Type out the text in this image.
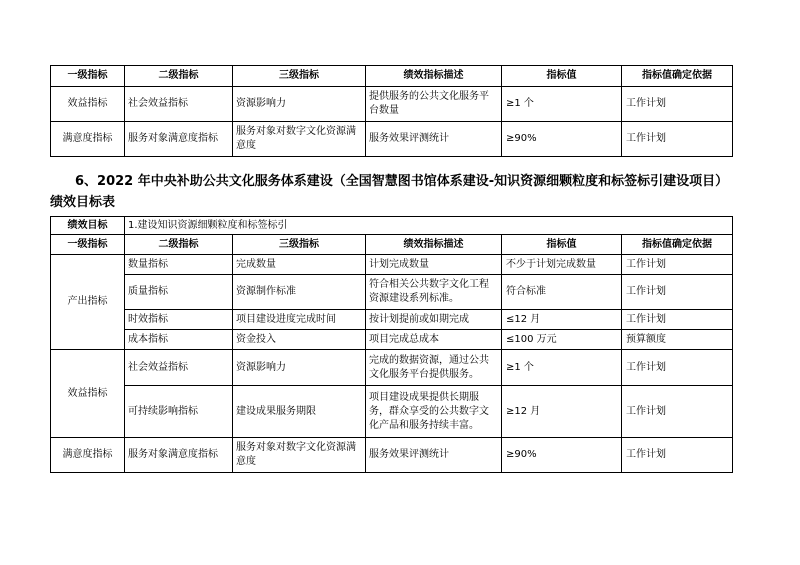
一级指标	二级指标	三级指标	绩效指标描述	指标值	指标值确定依据
效益指标	社会效益指标	资源影响力	提供服务的公共文化服务平台数量	≥1 个	工作计划
满意度指标	服务对象满意度指标	服务对象对数字文化资源满意度	服务效果评测统计	≥90%	工作计划
6、2022 年中央补助公共文化服务体系建设（全国智慧图书馆体系建设-知识资源细颗粒度和标签标引建设项目）
绩效目标表
绩效目标	1.建设知识资源细颗粒度和标签标引				
一级指标	二级指标	三级指标	绩效指标描述	指标值	指标值确定依据
产出指标	数量指标	完成数量	计划完成数量	不少于计划完成数量	工作计划
	质量指标	资源制作标准	符合相关公共数字文化工程资源建设系列标准。	符合标准	工作计划
	时效指标	项目建设进度完成时间	按计划提前或如期完成	≤12 月	工作计划
	成本指标	资金投入	项目完成总成本	≤100 万元	预算额度
效益指标	社会效益指标	资源影响力	完成的数据资源，通过公共文化服务平台提供服务。	≥1 个	工作计划
	可持续影响指标	建设成果服务期限	项目建设成果提供长期服务，群众享受的公共数字文化产品和服务持续丰富。	≥12 月	工作计划
满意度指标	服务对象满意度指标	服务对象对数字文化资源满意度	服务效果评测统计	≥90%	工作计划
